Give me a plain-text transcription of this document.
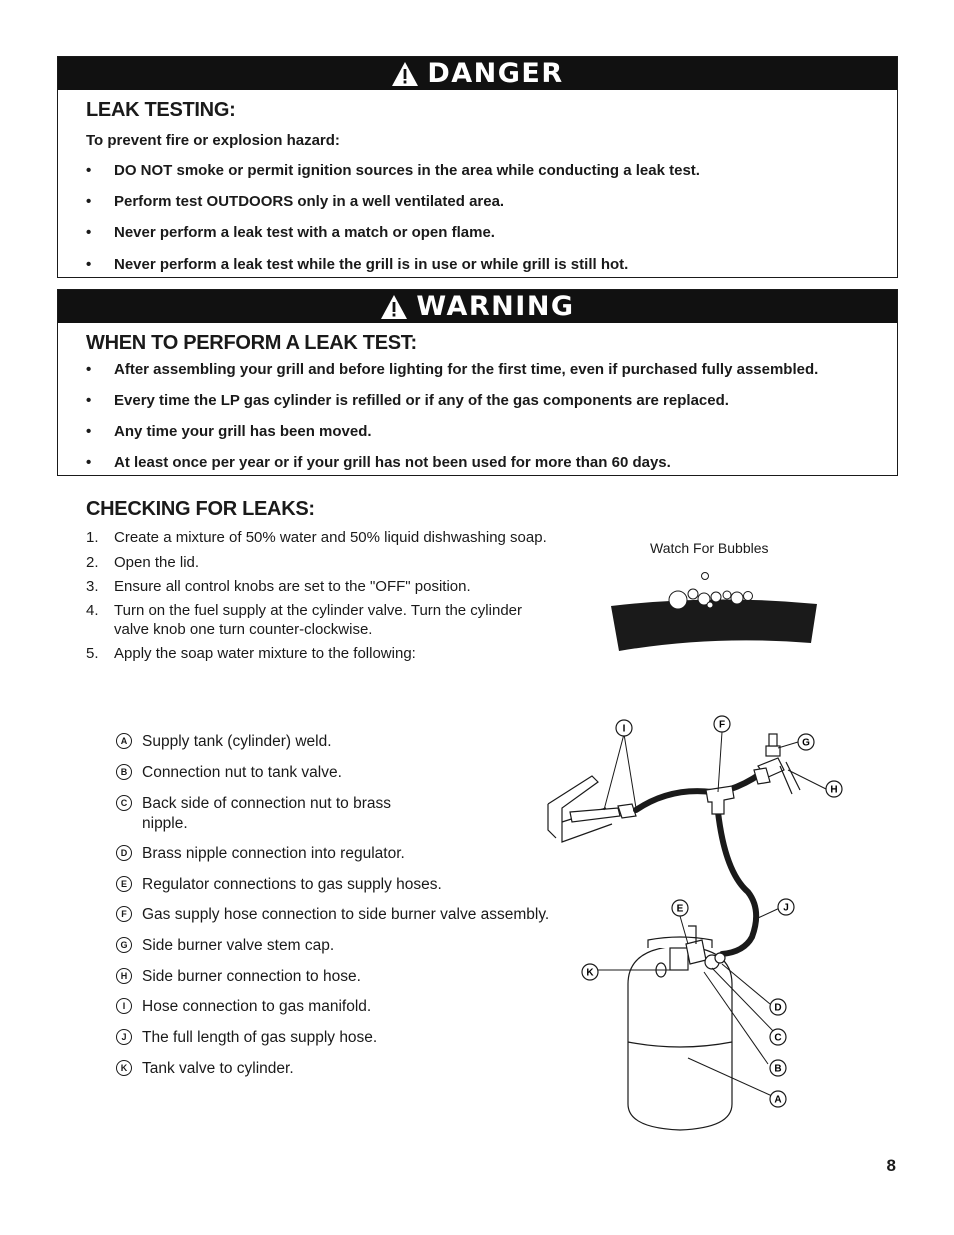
DANGER
LEAK TESTING:
To prevent fire or explosion hazard:
• DO NOT smoke or permit ignition sources in the area while conducting a leak test.
• Perform test OUTDOORS only in a well ventilated area.
• Never perform a leak test with a match or open flame.
• Never perform a leak test while the grill is in use or while grill is still hot.
WARNING
WHEN TO PERFORM A LEAK TEST:
• After assembling your grill and before lighting for the first time, even if purchased fully assembled.
• Every time the LP gas cylinder is refilled or if any of the gas components are replaced.
• Any time your grill has been moved.
• At least once per year or if your grill has not been used for more than 60 days.
CHECKING FOR LEAKS:
1. Create a mixture of 50% water and 50% liquid dishwashing soap.
2. Open the lid.
3. Ensure all control knobs are set to the "OFF" position.
4. Turn on the fuel supply at the cylinder valve. Turn the cylinder valve knob one turn counter-clockwise.
5. Apply the soap water mixture to the following:
Watch For Bubbles
A Supply tank (cylinder) weld.
B Connection nut to tank valve.
C Back side of connection nut to brass nipple.
D Brass nipple connection into regulator.
E Regulator connections to gas supply hoses.
F Gas supply hose connection to side burner valve assembly.
G Side burner valve stem cap.
H Side burner connection to hose.
I	Hose connection to gas manifold.
J	The full length of gas supply hose.
K Tank valve to cylinder.
I	F
G
H
E	J
K
D
C
B
A
8
